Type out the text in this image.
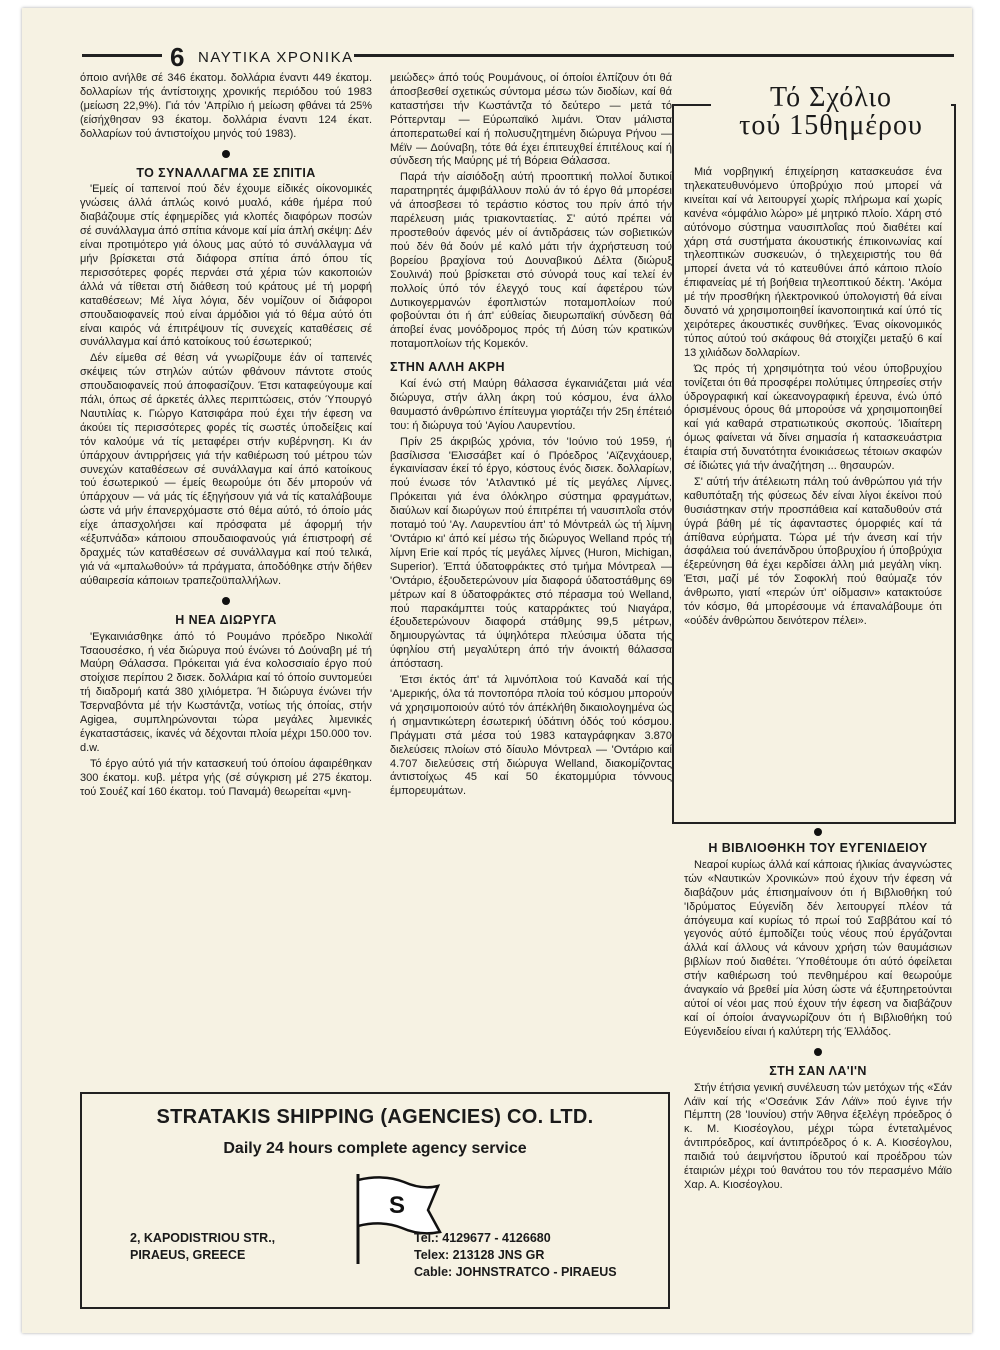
6 ΝΑΥΤΙΚΑ ΧΡΟΝΙΚΑ

όποιο ανήλθε σέ 346 έκατομ. δολλάρια έναντι 449 έκατομ. δολλαρίων τής άντίστοιχης χρονικής περιόδου τού 1983 (μείωση 22,9%). Γιά τόν 'Απρίλιο ή μείωση φθάνει τά 25% (είσήχθησαν 93 έκατομ. δολλάρια έναντι 124 έκατ. δολλαρίων τού άντιστοίχου μηνός τού 1983).

ΤΟ ΣΥΝΑΛΛΑΓΜΑ ΣΕ ΣΠΙΤΙΑ

'Εμείς οί ταπεινοί πού δέν έχουμε είδικές οίκονομικές γνώσεις άλλά άπλώς κοινό μυαλό, κάθε ήμέρα πού διαβάζουμε στίς έφημερίδες γιά κλοπές διαφόρων ποσών σέ συνάλλαγμα άπό σπίτια κάνομε καί μία άπλή σκέψη: Δέν είναι προτιμότερο γιά όλους μας αύτό τό συνάλλαγμα νά μήν βρίσκεται στά διάφορα σπίτια άπό όπου τίς περισσότερες φορές περνάει στά χέρια τών κακοποιών άλλά νά τίθεται στή διάθεση τού κράτους μέ τή μορφή καταθέσεων; Μέ λίγα λόγια, δέν νομίζουν οί διάφοροι σπουδαιοφανείς πού είναι άρμόδιοι γιά τό θέμα αύτό ότι είναι καιρός νά έπιτρέψουν τίς συνεχείς καταθέσεις σέ συνάλλαγμα καί άπό κατοίκους τού έσωτερικού;

Δέν είμεθα σέ θέση νά γνωρίζουμε έάν οί ταπεινές σκέψεις τών στηλών αύτών φθάνουν πάντοτε στούς σπουδαιοφανείς πού άποφασίζουν. Έτσι καταφεύγουμε καί πάλι, όπως σέ άρκετές άλλες περιπτώσεις, στόν Ύπουργό Ναυτιλίας κ. Γιώργο Κατσιφάρα πού έχει τήν έφεση να άκούει τίς περισσότερες φορές τίς σωστές ύποδείξεις καί τόν καλούμε νά τίς μεταφέρει στήν κυβέρνηση. Κι άν ύπάρχουν άντιρρήσεις γιά τήν καθιέρωση τού μέτρου τών συνεχών καταθέσεων σέ συνάλλαγμα καί άπό κατοίκους τού έσωτερικού — έμείς θεωρούμε ότι δέν μπορούν νά ύπάρχουν — νά μάς τίς έξηγήσουν γιά νά τίς καταλάβουμε ώστε νά μήν έπανερχόμαστε στό θέμα αύτό, τό όποίο μάς είχε άπασχολήσει καί πρόσφατα μέ άφορμή τήν «έξυπνάδα» κάποιου σπουδαιοφανούς γιά έπιστροφή σέ δραχμές τών καταθέσεων σέ συνάλλαγμα καί πού τελικά, γιά νά «μπαλωθούν» τά πράγματα, άποδόθηκε στήν δήθεν αύθαιρεσία κάποιων τραπεζοϋπαλλήλων.

Η ΝΕΑ ΔΙΩΡΥΓΑ

'Εγκαινιάσθηκε άπό τό Ρουμάνο πρόεδρο Νικολάϊ Τσαουσέσκο, ή νέα διώρυγα πού ένώνει τό Δούναβη μέ τή Μαύρη Θάλασσα. Πρόκειται γιά ένα κολοσσιαίο έργο πού στοίχισε περίπου 2 δισεκ. δολλάρια καί τό όποίο συντομεύει τή διαδρομή κατά 380 χιλιόμετρα. Ή διώρυγα ένώνει τήν Τσερναβόντα μέ τήν Κωστάντζα, νοτίως τής όποίας, στήν Agigea, συμπληρώνονται τώρα μεγάλες λιμενικές έγκαταστάσεις, ίκανές νά δέχονται πλοία μέχρι 150.000 τον. d.w.

Τό έργο αύτό γιά τήν κατασκευή τού όποίου άφαιρέθηκαν 300 έκατομ. κυβ. μέτρα γής (σέ σύγκριση μέ 275 έκατομ. τού Σουέζ καί 160 έκατομ. τού Παναμά) θεωρείται «μνη-

μειώδες» άπό τούς Ρουμάνους, οί όποίοι έλπίζουν ότι θά άποσβεσθεί σχετικώς σύντομα μέσω τών διοδίων, καί θά καταστήσει τήν Κωστάντζα τό δεύτερο — μετά τό Ρόττερνταμ — Εύρωπαϊκό λιμάνι. Όταν μάλιστα άποπερατωθεί καί ή πολυσυζητημένη διώρυγα Ρήνου — Μέϊν — Δούναβη, τότε θά έχει έπιτευχθεί έπιτέλους καί ή σύνδεση τής Μαύρης μέ τή Βόρεια Θάλασσα.

Παρά τήν αίσιόδοξη αύτή προοπτική πολλοί δυτικοί παρατηρητές άμφιβάλλουν πολύ άν τό έργο θά μπορέσει νά άποσβεσει τό τεράστιο κόστος του πρίν άπό τήν παρέλευση μιάς τριακονταετίας. Σ' αύτό πρέπει νά προστεθούν άφενός μέν οί άντιδράσεις τών σοβιετικών πού δέν θά δούν μέ καλό μάτι τήν άχρήστευση τού βορείου βραχίονα τού Δουναβικού Δέλτα (διώρυξ Σουλινά) πού βρίσκεται στό σύνορά τους καί τελεί έν πολλοίς ύπό τόν έλεγχό τους καί άφετέρου τών Δυτικογερμανών έφοπλιστών ποταμοπλοίων πού φοβούνται ότι ή άπ' εύθείας διευρωπαϊκή σύνδεση θά άποβεί ένας μονόδρομος πρός τή Δύση τών κρατικών ποταμοπλοίων τής Κομεκόν.

ΣΤΗΝ ΑΛΛΗ ΑΚΡΗ

Καί ένώ στή Μαύρη θάλασσα έγκαινιάζεται μιά νέα διώρυγα, στήν άλλη άκρη τού κόσμου, ένα άλλο θαυμαστό άνθρώπινο έπίτευγμα γιορτάζει τήν 25η έπέτειό του: ή διώρυγα τού 'Αγίου Λαυρεντίου.

Πρίν 25 άκριβώς χρόνια, τόν 'Ιούνιο τού 1959, ή βασίλισσα 'Ελισσάβετ καί ό Πρόεδρος 'Αϊζενχάουερ, έγκαινίασαν έκεί τό έργο, κόστους ένός δισεκ. δολλαρίων, πού ένωσε τόν 'Ατλαντικό μέ τίς μεγάλες Λίμνες. Πρόκειται γιά ένα όλόκληρο σύστημα φραγμάτων, διαύλων καί διωρύγων πού έπιτρέπει τή ναυσιπλοΐα στόν ποταμό τού 'Αγ. Λαυρεντίου άπ' τό Μόντρεάλ ώς τή λίμνη 'Οντάριο κι' άπό κεί μέσω τής διώρυγος Welland πρός τή λίμνη Erie καί πρός τίς μεγάλες λίμνες (Huron, Michigan, Superior). Έπτά ύδατοφράκτες στό τμήμα Μόντρεαλ — 'Οντάριο, έξουδετερώνουν μία διαφορά ύδατοστάθμης 69 μέτρων καί 8 ύδατοφράκτες στό πέρασμα τού Welland, πού παρακάμπτει τούς καταρράκτες τού Νιαγάρα, έξουδετερώνουν διαφορά στάθμης 99,5 μέτρων, δημιουργώντας τά ύψηλότερα πλεύσιμα ύδατα τής ύφηλίου στή μεγαλύτερη άπό τήν άνοικτή θάλασσα άπόσταση.

Έτσι έκτός άπ' τά λιμνόπλοια τού Καναδά καί τής 'Αμερικής, όλα τά ποντοπόρα πλοία τού κόσμου μπορούν νά χρησιμοποιούν αύτό τόν άπέκλήθη δικαιολογημένα ώς ή σημαντικώτερη έσωτερική ύδάτινη όδός τού κόσμου. Πράγματι στά μέσα τού 1983 καταγράφηκαν 3.870 διελεύσεις πλοίων στό δίαυλο Μόντρεαλ — 'Οντάριο καί 4.707 διελεύσεις στή διώρυγα Welland, διακομίζοντας άντιστοίχως 45 καί 50 έκατομμύρια τόννους έμπορευμάτων.

Τό Σχόλιο
τού 15θημέρου

Μιά νορβηγική έπιχείρηση κατασκευάσε ένα τηλεκατευθυνόμενο ύποβρύχιο πού μπορεί νά κινείται καί νά λειτουργεί χωρίς πλήρωμα καί χωρίς κανένα «όμφάλιο λώρο» μέ μητρικό πλοίο. Χάρη στό αύτόνομο σύστημα ναυσιπλοΐας πού διαθέτει καί χάρη στά συστήματα άκουστικής έπικοινωνίας καί τηλεοπτικών συσκευών, ό τηλεχειριστής του θά μπορεί άνετα νά τό κατευθύνει άπό κάποιο πλοίο έπιφανείας μέ τή βοήθεια τηλεοπτικού δέκτη. 'Ακόμα μέ τήν προσθήκη ήλεκτρονικού ύπολογιστή θά είναι δυνατό νά χρησιμοποιηθεί ίκανοποιητικά καί ύπό τίς χειρότερες άκουστικές συνθήκες. Ένας οίκονομικός τύπος αύτού τού σκάφους θά στοιχίζει μεταξύ 6 καί 13 χιλιάδων δολλαρίων.

Ώς πρός τή χρησιμότητα τού νέου ύποβρυχίου τονίζεται ότι θά προσφέρει πολύτιμες ύπηρεσίες στήν ύδρογραφική καί ώκεανογραφική έρευνα, ένώ ύπό όρισμένους όρους θά μπορούσε νά χρησιμοποιηθεί καί γιά καθαρά στρατιωτικούς σκοπούς. Ίδιαίτερη όμως φαίνεται νά δίνει σημασία ή κατασκευάστρια έταιρία στή δυνατότητα ένοικιάσεως τέτοιων σκαφών σέ ίδιώτες γιά τήν άναζήτηση ... θησαυρών.

Σ' αύτή τήν άτέλειωτη πάλη τού άνθρώπου γιά τήν καθυπόταξη τής φύσεως δέν είναι λίγοι έκείνοι πού θυσιάστηκαν στήν προσπάθεια καί καταδυθούν στά ύγρά βάθη μέ τίς άφανταστες όμορφιές καί τά άπίθανα εύρήματα. Τώρα μέ τήν άνεση καί τήν άσφάλεια τού άνεπάνδρου ύποβρυχίου ή ύποβρύχια έξερεύνηση θά έχει κερδίσει άλλη μιά μεγάλη νίκη. Έτσι, μαζί μέ τόν Σοφοκλή πού θαύμαζε τόν άνθρωπο, γιατί «περών ύπ' οίδμασιν» κατακτούσε τόν κόσμο, θά μπορέσουμε νά έπαναλάβουμε ότι «ούδέν άνθρώπου δεινότερον πέλει».

Η ΒΙΒΛΙΟΘΗΚΗ ΤΟΥ ΕΥΓΕΝΙΔΕΙΟΥ

Νεαροί κυρίως άλλά καί κάποιας ήλικίας άναγνώστες τών «Ναυτικών Χρονικών» πού έχουν τήν έφεση νά διαβάζουν μάς έπισημαίνουν ότι ή Βιβλιοθήκη τού 'Ιδρύματος Εύγενίδη δέν λειτουργεί πλέον τά άπόγευμα καί κυρίως τό πρωί τού Σαββάτου καί τό γεγονός αύτό έμποδίζει τούς νέους πού έργάζονται άλλά καί άλλους νά κάνουν χρήση τών θαυμάσιων βιβλίων πού διαθέτει. Ύποθέτουμε ότι αύτό όφείλεται στήν καθιέρωση τού πενθημέρου καί θεωρούμε άναγκαίο νά βρεθεί μία λύση ώστε νά έξυπηρετούνται αύτοί οί νέοι μας πού έχουν τήν έφεση να διαβάζουν καί οί όποίοι άναγνωρίζουν ότι ή Βιβλιοθήκη τού Εύγενιδείου είναι ή καλύτερη τής Έλλάδος.

ΣΤΗ ΣΑΝ ΛΑ'Ι'Ν

Στήν έτήσια γενική συνέλευση τών μετόχων τής «Σάν Λάϊν καί τής «'Οσεάνικ Σάν Λάϊν» πού έγινε τήν Πέμπτη (28 'Ιουνίου) στήν Άθηνα έξελέγη πρόεδρος ό κ. Μ. Κιοσέογλου, μέχρι τώρα έντεταλμένος άντιπρόεδρος, καί άντιπρόεδρος ό κ. Α. Κιοσέογλου, παιδιά τού άειμνήστου ίδρυτού καί προέδρου τών έταιριών μέχρι τού θανάτου του τόν περασμένο Μάϊο Χαρ. Α. Κιοσέογλου.

STRATAKIS SHIPPING (AGENCIES) CO. LTD.
Daily 24 hours complete agency service
S
2, KAPODISTRIOU STR.,
PIRAEUS, GREECE
Tel.: 4129677 - 4126680
Telex: 213128 JNS GR
Cable: JOHNSTRATCO - PIRAEUS
